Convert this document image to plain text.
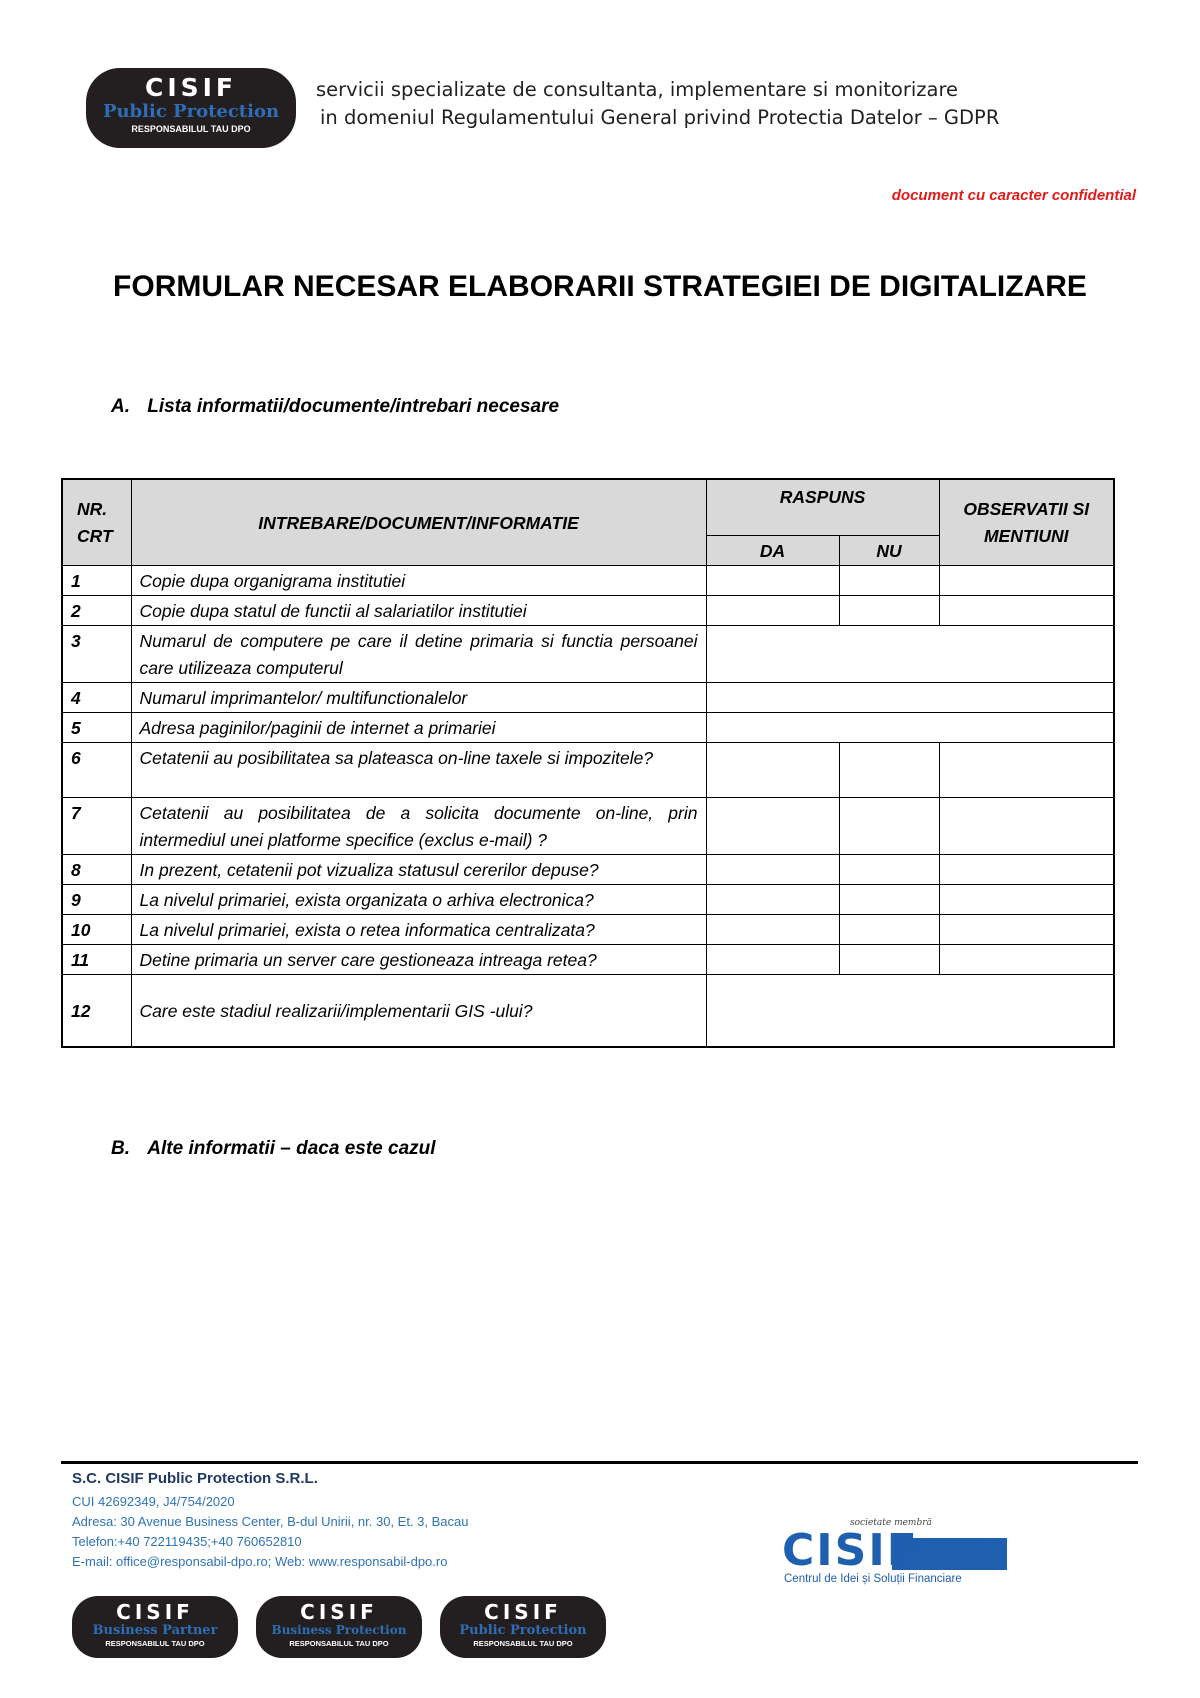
CISIF
Public Protection
RESPONSABILUL TAU DPO
servicii specializate de consultanta, implementare si monitorizare
in domeniul Regulamentului General privind Protectia Datelor – GDPR
document cu caracter confidential
FORMULAR NECESAR ELABORARII STRATEGIEI DE DIGITALIZARE
A. Lista informatii/documente/intrebari necesare
NR. CRT	INTREBARE/DOCUMENT/INFORMATIE	RASPUNS		OBSERVATII SI MENTIUNI
		DA	NU	
1	Copie dupa organigrama institutiei			
2	Copie dupa statul de functii al salariatilor institutiei			
3	Numarul de computere pe care il detine primaria si functia persoanei care utilizeaza computerul			
4	Numarul imprimantelor/ multifunctionalelor			
5	Adresa paginilor/paginii de internet a primariei			
6	Cetatenii au posibilitatea sa plateasca on-line taxele si impozitele?			
7	Cetatenii au posibilitatea de a solicita documente on-line, prin intermediul unei platforme specifice (exclus e-mail) ?			
8	In prezent, cetatenii pot vizualiza statusul cererilor depuse?			
9	La nivelul primariei, exista organizata o arhiva electronica?			
10	La nivelul primariei, exista o retea informatica centralizata?			
11	Detine primaria un server care gestioneaza intreaga retea?			
12	Care este stadiul realizarii/implementarii GIS -ului?			
B. Alte informatii – daca este cazul
S.C. CISIF Public Protection S.R.L.
CUI 42692349, J4/754/2020
Adresa: 30 Avenue Business Center, B-dul Unirii, nr. 30, Et. 3, Bacau
Telefon:+40 722119435;+40 760652810
E-mail: office@responsabil-dpo.ro; Web: www.responsabil-dpo.ro
societate membră
CISIF
Centrul de Idei și Soluții Financiare
CISIF
Business Partner
RESPONSABILUL TAU DPO
CISIF
Business Protection
RESPONSABILUL TAU DPO
CISIF
Public Protection
RESPONSABILUL TAU DPO
